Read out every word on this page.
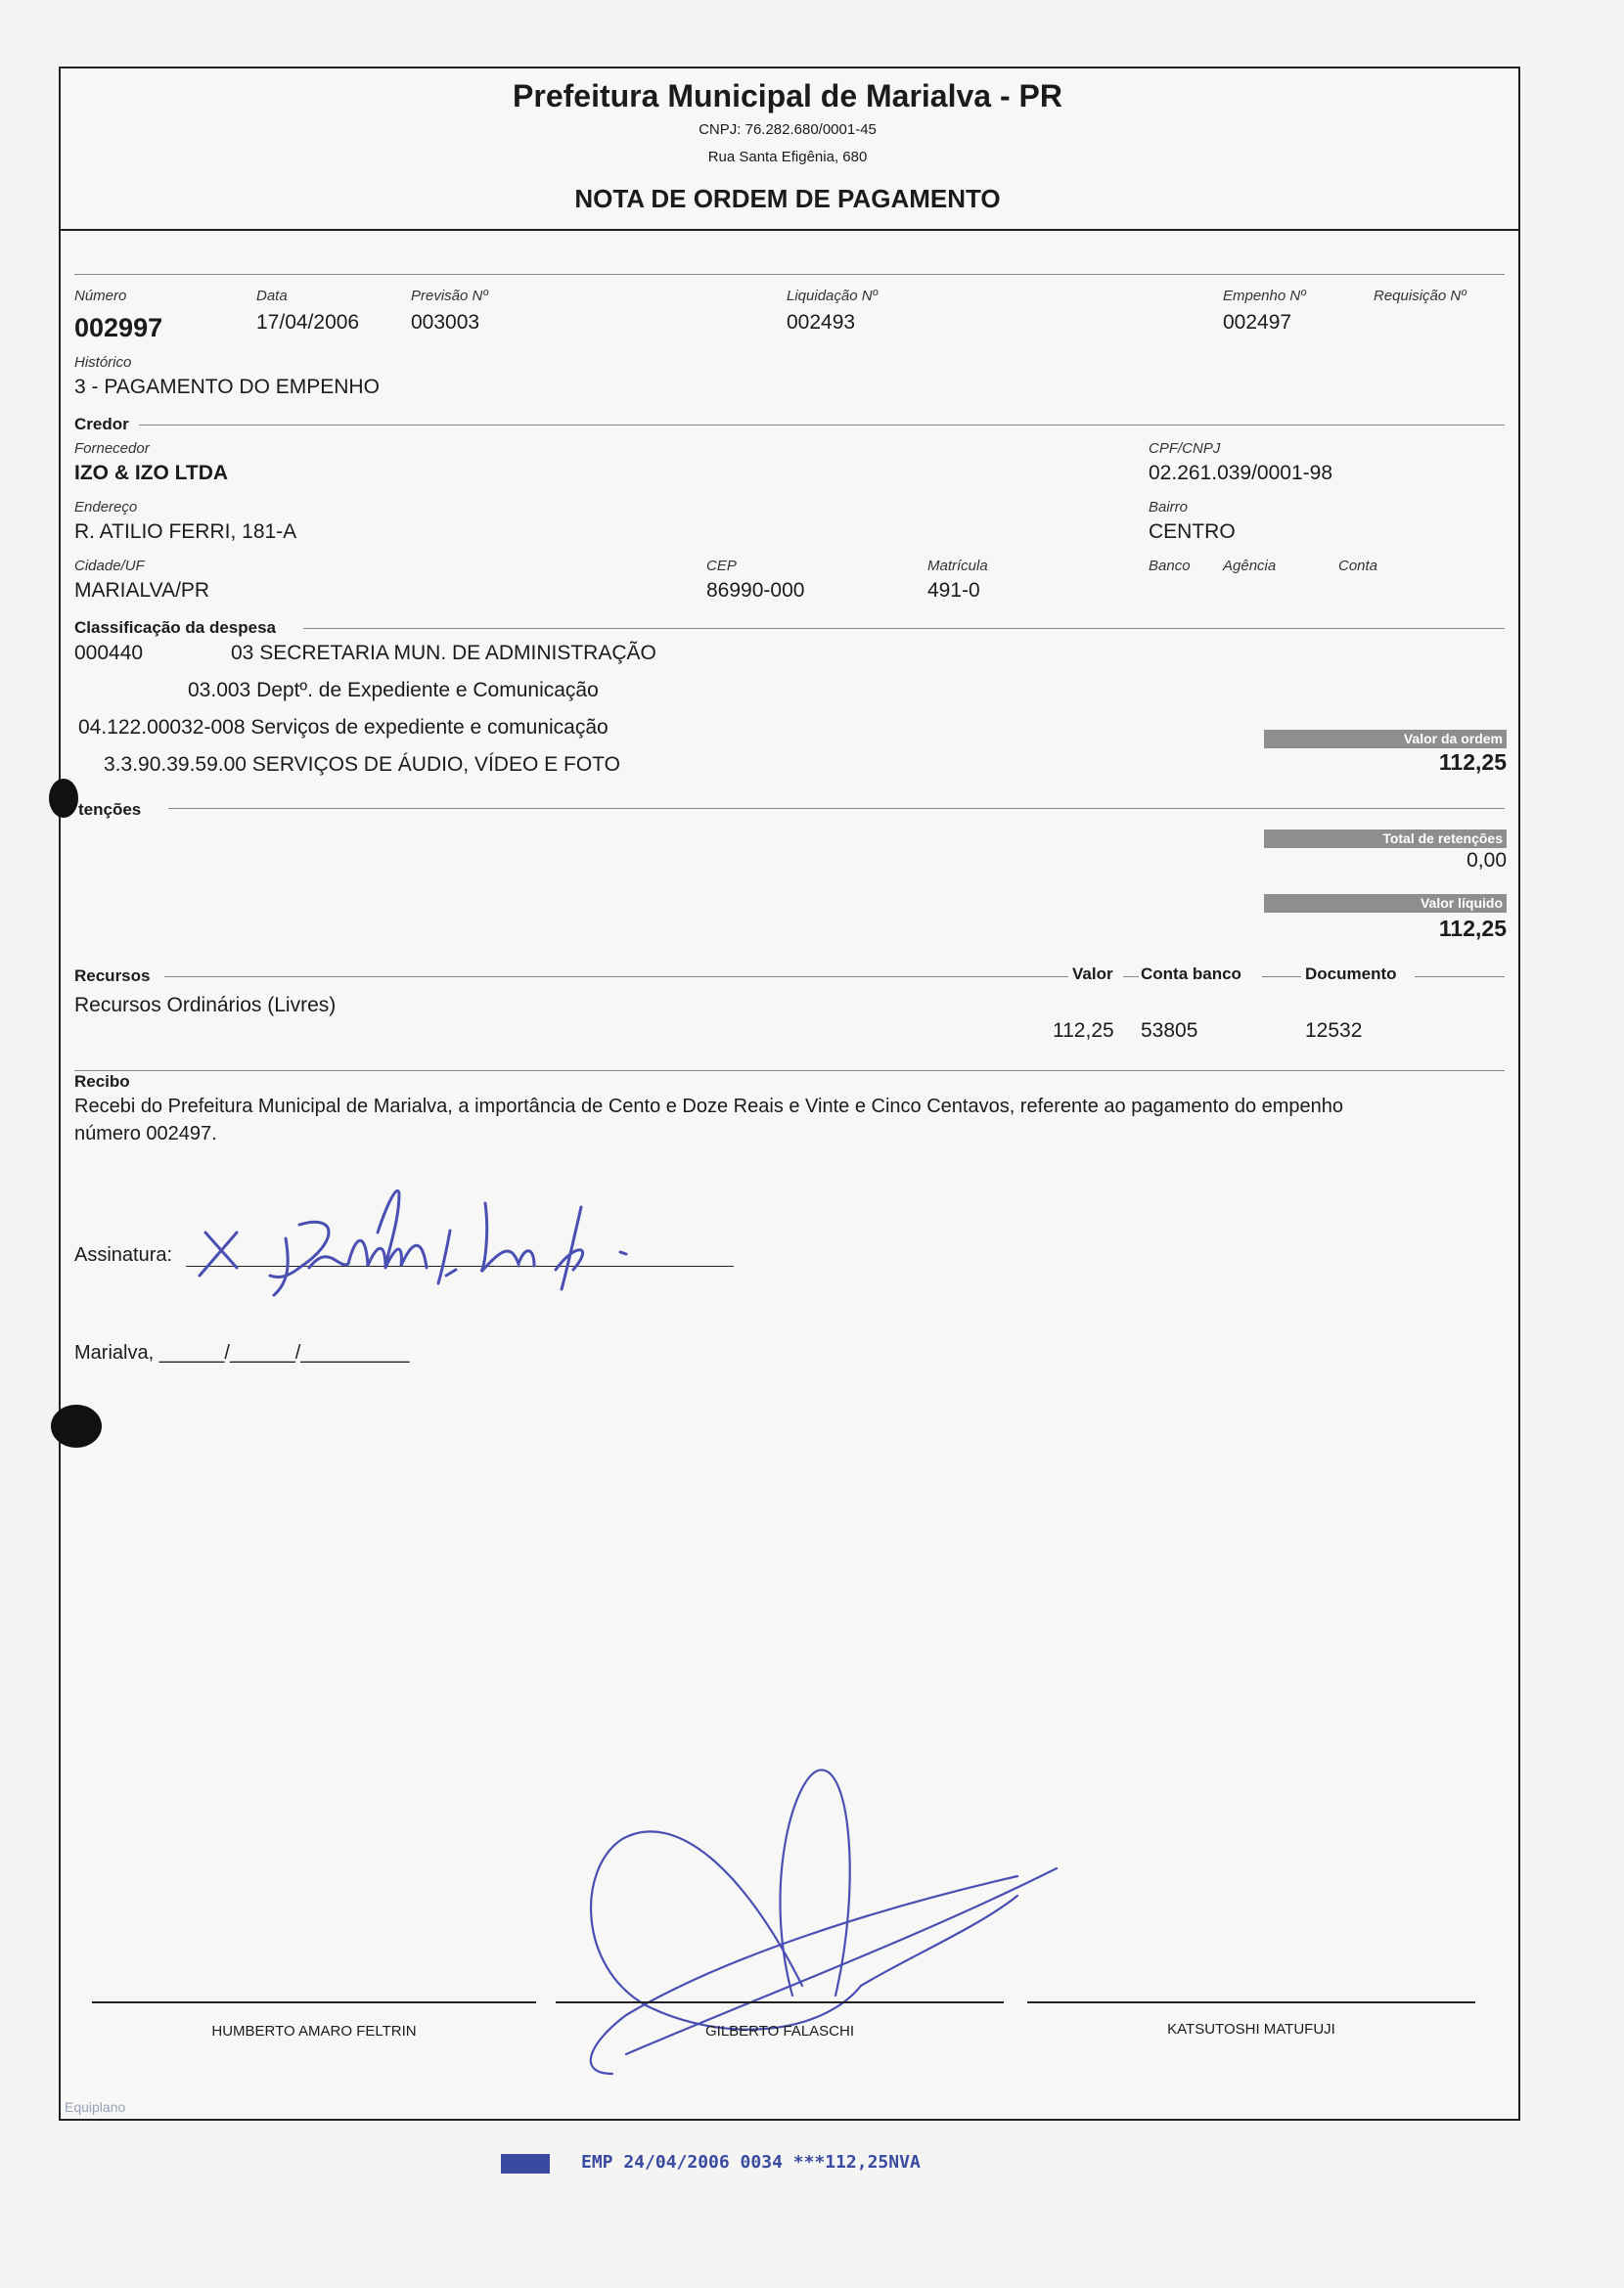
Prefeitura Municipal de Marialva - PR
CNPJ: 76.282.680/0001-45
Rua Santa Efigênia, 680
NOTA DE ORDEM DE PAGAMENTO
Número
002997
Data
17/04/2006
Previsão Nº
003003
Liquidação Nº
002493
Empenho Nº
002497
Requisição Nº
Histórico
3 - PAGAMENTO DO EMPENHO
Credor
Fornecedor
IZO & IZO LTDA
CPF/CNPJ
02.261.039/0001-98
Endereço
R. ATILIO FERRI, 181-A
Bairro
CENTRO
Cidade/UF
MARIALVA/PR
CEP
86990-000
Matrícula
491-0
Banco Agência	Conta
Classificação da despesa
000440	03 SECRETARIA MUN. DE ADMINISTRAÇÃO
03.003 Deptº. de Expediente e Comunicação
04.122.00032-008 Serviços de expediente e comunicação
3.3.90.39.59.00 SERVIÇOS DE ÁUDIO, VÍDEO E FOTO
Valor da ordem
112,25
tenções
Total de retenções
0,00
Valor líquido
112,25
Recursos	Valor Conta banco	Documento
Recursos Ordinários (Livres)
112,25 53805	12532
Recibo
Recebi do Prefeitura Municipal de Marialva, a importância de Cento e Doze Reais e Vinte e Cinco Centavos, referente ao pagamento do empenho
número 002497.
Assinatura:
Marialva, ______/______/__________
HUMBERTO AMARO FELTRIN	GILBERTO FALASCHI	KATSUTOSHI MATUFUJI
Equiplano
EMP 24/04/2006 0034 ***112,25NVA
